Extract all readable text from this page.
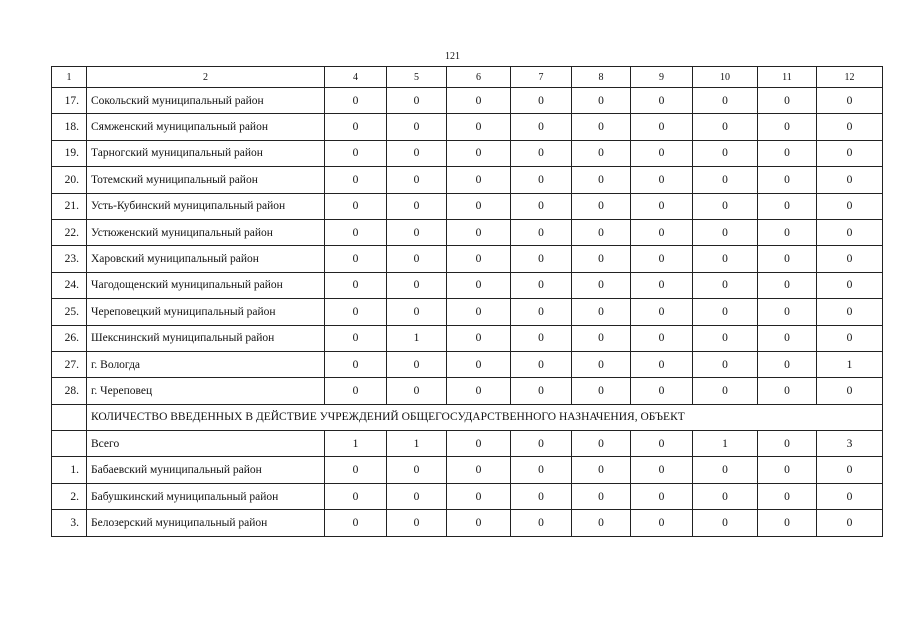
121
1	2	4	5	6	7	8	9	10	11	12
17.	Сокольский муниципальный район	0	0	0	0	0	0	0	0	0
18.	Сямженский муниципальный район	0	0	0	0	0	0	0	0	0
19.	Тарногский муниципальный район	0	0	0	0	0	0	0	0	0
20.	Тотемский муниципальный район	0	0	0	0	0	0	0	0	0
21.	Усть-Кубинский муниципальный район	0	0	0	0	0	0	0	0	0
22.	Устюженский муниципальный район	0	0	0	0	0	0	0	0	0
23.	Харовский муниципальный район	0	0	0	0	0	0	0	0	0
24.	Чагодощенский муниципальный район	0	0	0	0	0	0	0	0	0
25.	Череповецкий муниципальный район	0	0	0	0	0	0	0	0	0
26.	Шекснинский муниципальный район	0	1	0	0	0	0	0	0	0
27.	г. Вологда	0	0	0	0	0	0	0	0	1
28.	г. Череповец	0	0	0	0	0	0	0	0	0
	КОЛИЧЕСТВО ВВЕДЕННЫХ В ДЕЙСТВИЕ УЧРЕЖДЕНИЙ ОБЩЕГОСУДАРСТВЕННОГО НАЗНАЧЕНИЯ, ОБЪЕКТ									
	Всего	1	1	0	0	0	0	1	0	3
1.	Бабаевский муниципальный район	0	0	0	0	0	0	0	0	0
2.	Бабушкинский муниципальный район	0	0	0	0	0	0	0	0	0
3.	Белозерский муниципальный район	0	0	0	0	0	0	0	0	0
